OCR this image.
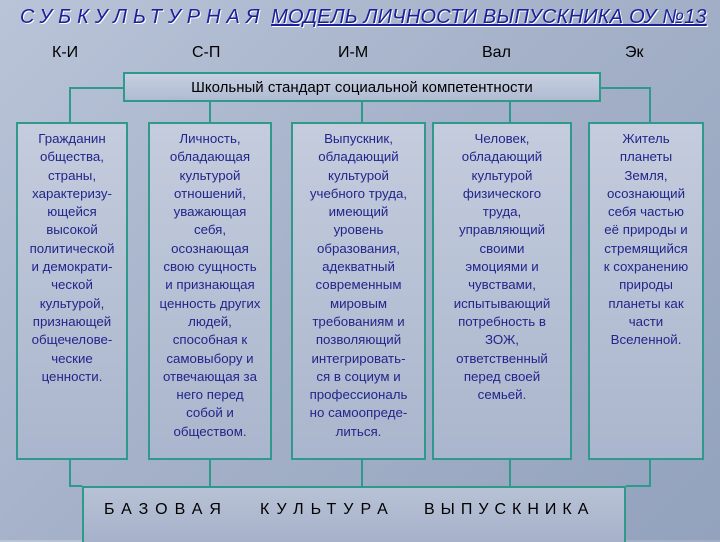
СУБКУЛЬТУРНАЯ МОДЕЛЬ ЛИЧНОСТИ ВЫПУСКНИКА ОУ №13
К-И	С-П	И-М	Вал	Эк
Школьный стандарт социальной компетентности
Гражданин
общества,
страны,
характеризу-
ющейся
высокой
политической
и демократи-
ческой
культурой,
признающей
общечелове-
ческие
ценности.
Личность,
обладающая
культурой
отношений,
уважающая
себя,
осознающая
свою сущность
и признающая
ценность других
людей,
способная к
самовыбору и
отвечающая за
него перед
собой и
обществом.
Выпускник,
обладающий
культурой
учебного труда,
имеющий
уровень
образования,
адекватный
современным
мировым
требованиям и
позволяющий
интегрировать-
ся в социум и
профессиональ
но самоопреде-
литься.
Человек,
обладающий
культурой
физического
труда,
управляющий
своими
эмоциями и
чувствами,
испытывающий
потребность в
ЗОЖ,
ответственный
перед своей
семьей.
Житель
планеты
Земля,
осознающий
себя частью
её природы и
стремящийся
к сохранению
природы
планеты как
части
Вселенной.
БАЗОВАЯ КУЛЬТУРА ВЫПУСКНИКА
